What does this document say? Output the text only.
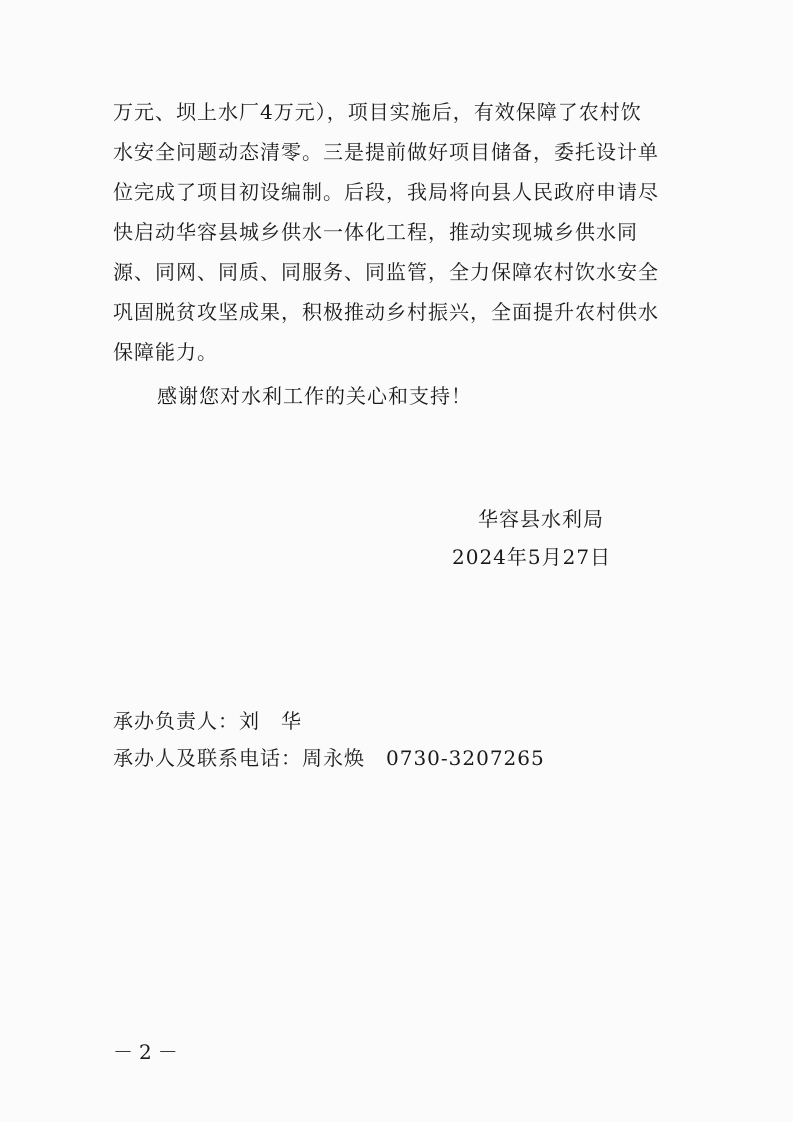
万元、坝上水厂4万元），项目实施后，有效保障了农村饮
水安全问题动态清零。三是提前做好项目储备，委托设计单
位完成了项目初设编制。后段，我局将向县人民政府申请尽
快启动华容县城乡供水一体化工程，推动实现城乡供水同
源、同网、同质、同服务、同监管，全力保障农村饮水安全
巩固脱贫攻坚成果，积极推动乡村振兴，全面提升农村供水
保障能力。
感谢您对水利工作的关心和支持！
华容县水利局
2024年5月27日
承办负责人：刘　华
承办人及联系电话：周永焕　0730-3207265
－2－
